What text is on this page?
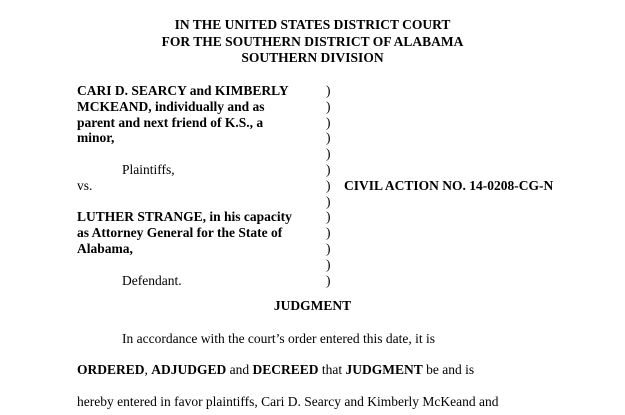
IN THE UNITED STATES DISTRICT COURT
FOR THE SOUTHERN DISTRICT OF ALABAMA
SOUTHERN DIVISION
CARI D. SEARCY and KIMBERLY
MCKEAND, individually and as
parent and next friend of K.S., a
minor,
Plaintiffs,
vs.
LUTHER STRANGE, in his capacity
as Attorney General for the State of
Alabama,
Defendant.
)
)
)
)
)
)
)
)
)
)
)
)
)
CIVIL ACTION NO. 14-0208-CG-N
JUDGMENT
In accordance with the court’s order entered this date, it is
ORDERED, ADJUDGED and DECREED that JUDGMENT be and is
hereby entered in favor plaintiffs, Cari D. Searcy and Kimberly McKeand and
